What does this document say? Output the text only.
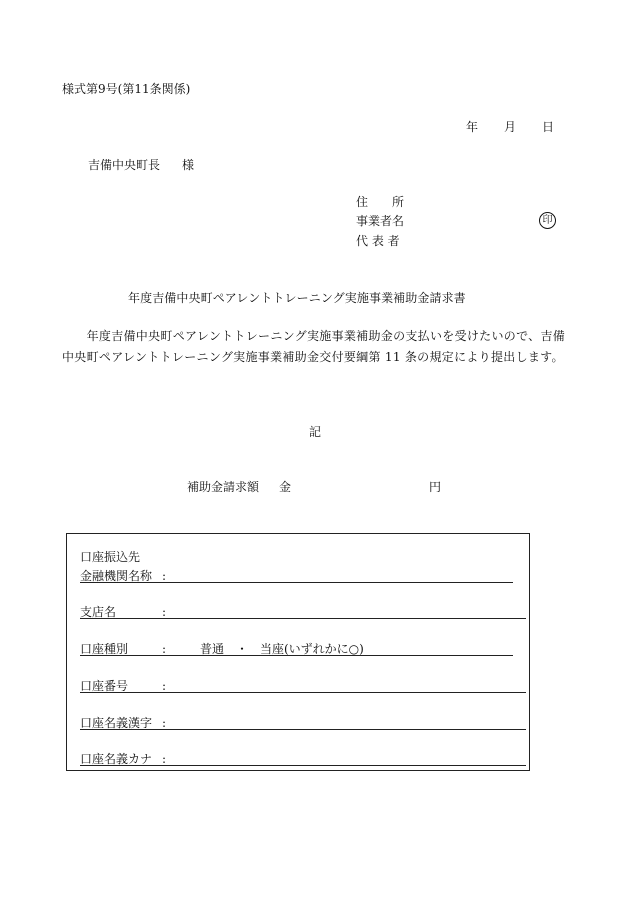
様式第9号(第11条関係)
年 月 日
吉備中央町長 様
住　　所
事業者名
代 表 者
印
年度吉備中央町ペアレントトレーニング実施事業補助金請求書
　　年度吉備中央町ペアレントトレーニング実施事業補助金の支払いを受けたいので、吉備中央町ペアレントトレーニング実施事業補助金交付要綱第 11 条の規定により提出します。
記
補助金請求額 金	円
口座振込先
金融機関名称 :
支店名	:
口座種別	:	普通　・　当座(いずれかに○)
口座番号	:
口座名義漢字 :
口座名義カナ :
